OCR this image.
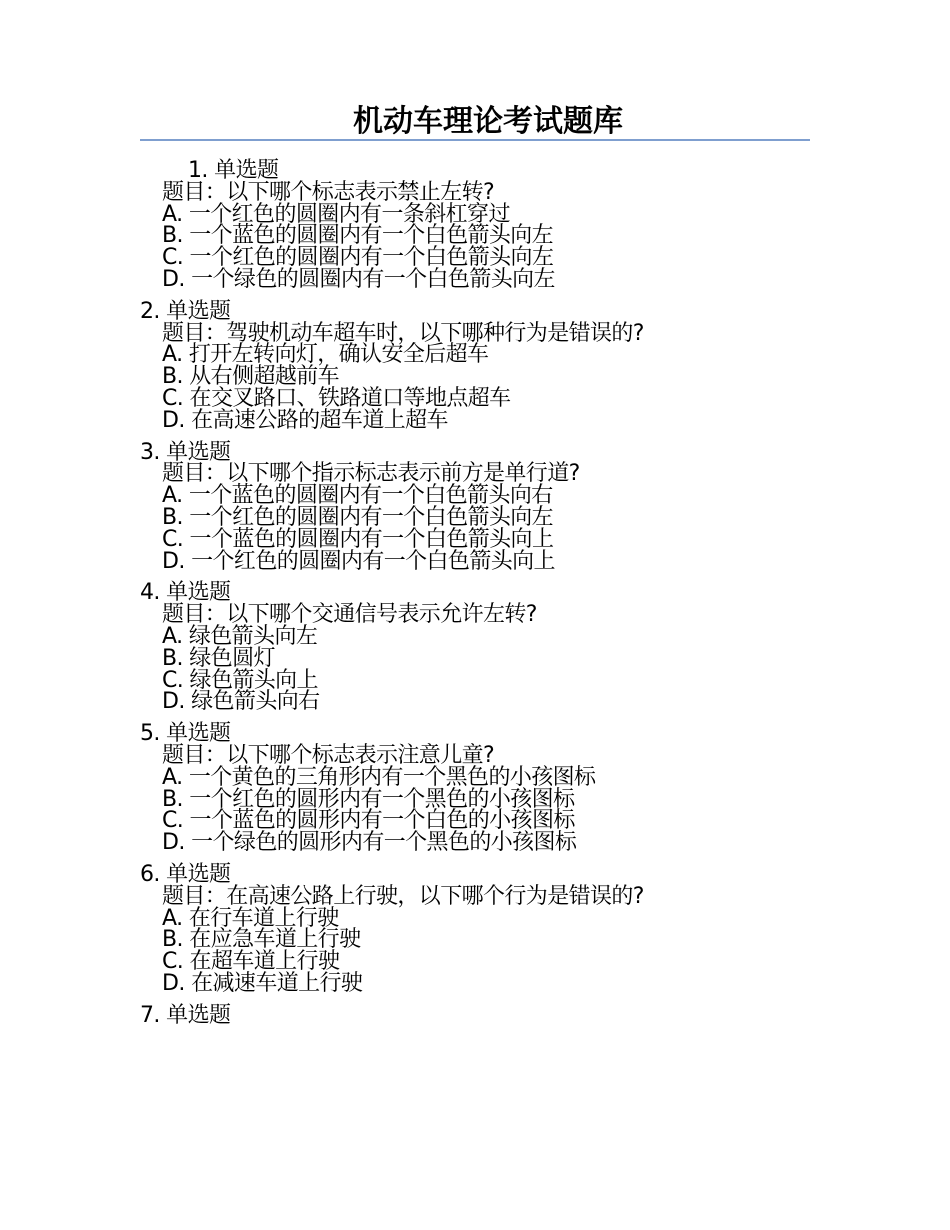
机动车理论考试题库
1. 单选题
题目：以下哪个标志表示禁止左转?
A. 一个红色的圆圈内有一条斜杠穿过
B. 一个蓝色的圆圈内有一个白色箭头向左
C. 一个红色的圆圈内有一个白色箭头向左
D. 一个绿色的圆圈内有一个白色箭头向左
2. 单选题
题目：驾驶机动车超车时，以下哪种行为是错误的?
A. 打开左转向灯，确认安全后超车
B. 从右侧超越前车
C. 在交叉路口、铁路道口等地点超车
D. 在高速公路的超车道上超车
3. 单选题
题目：以下哪个指示标志表示前方是单行道?
A. 一个蓝色的圆圈内有一个白色箭头向右
B. 一个红色的圆圈内有一个白色箭头向左
C. 一个蓝色的圆圈内有一个白色箭头向上
D. 一个红色的圆圈内有一个白色箭头向上
4. 单选题
题目：以下哪个交通信号表示允许左转?
A. 绿色箭头向左
B. 绿色圆灯
C. 绿色箭头向上
D. 绿色箭头向右
5. 单选题
题目：以下哪个标志表示注意儿童?
A. 一个黄色的三角形内有一个黑色的小孩图标
B. 一个红色的圆形内有一个黑色的小孩图标
C. 一个蓝色的圆形内有一个白色的小孩图标
D. 一个绿色的圆形内有一个黑色的小孩图标
6. 单选题
题目：在高速公路上行驶，以下哪个行为是错误的?
A. 在行车道上行驶
B. 在应急车道上行驶
C. 在超车道上行驶
D. 在减速车道上行驶
7. 单选题
